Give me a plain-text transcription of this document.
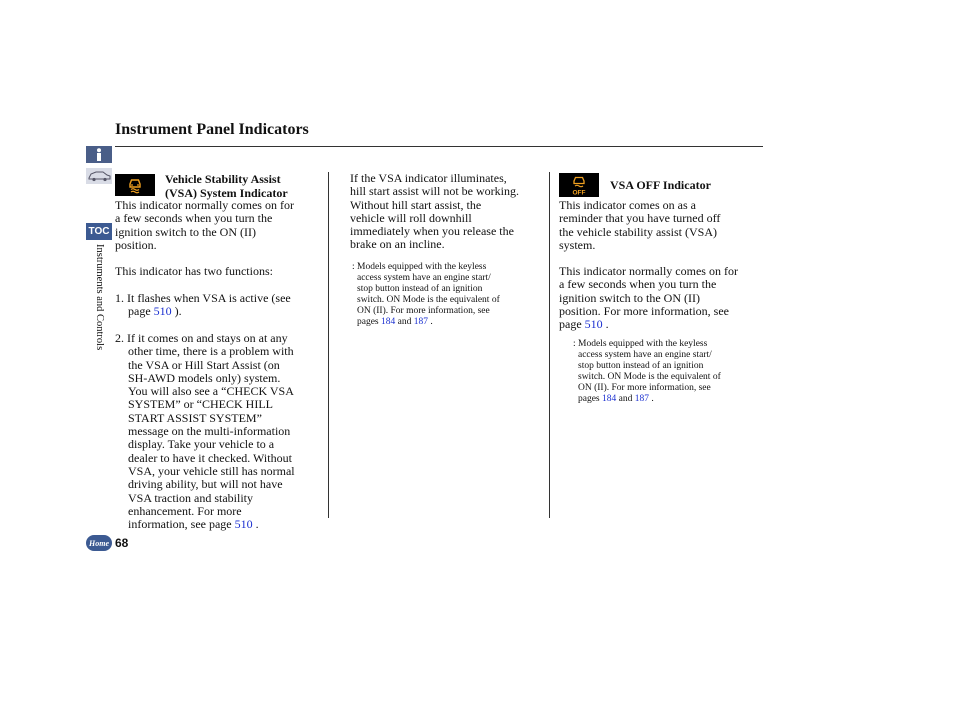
Instrument Panel Indicators
TOC
Instruments and Controls
Home 68
Vehicle Stability Assist
(VSA) System Indicator
This indicator normally comes on for
a few seconds when you turn the
ignition switch to the ON (II)
position.
This indicator has two functions:
1. It flashes when VSA is active (see
page 510 ).
2. If it comes on and stays on at any
other time, there is a problem with
the VSA or Hill Start Assist (on
SH-AWD models only) system.
You will also see a “CHECK VSA
SYSTEM” or “CHECK HILL
START ASSIST SYSTEM”
message on the multi-information
display. Take your vehicle to a
dealer to have it checked. Without
VSA, your vehicle still has normal
driving ability, but will not have
VSA traction and stability
enhancement. For more
information, see page 510 .
If the VSA indicator illuminates,
hill start assist will not be working.
Without hill start assist, the
vehicle will roll downhill
immediately when you release the
brake on an incline.
: Models equipped with the keyless
access system have an engine start/
stop button instead of an ignition
switch. ON Mode is the equivalent of
ON (II). For more information, see
pages 184 and 187 .
OFF
VSA OFF Indicator
This indicator comes on as a
reminder that you have turned off
the vehicle stability assist (VSA)
system.
This indicator normally comes on for
a few seconds when you turn the
ignition switch to the ON (II)
position. For more information, see
page 510 .
: Models equipped with the keyless
access system have an engine start/
stop button instead of an ignition
switch. ON Mode is the equivalent of
ON (II). For more information, see
pages 184 and 187 .
